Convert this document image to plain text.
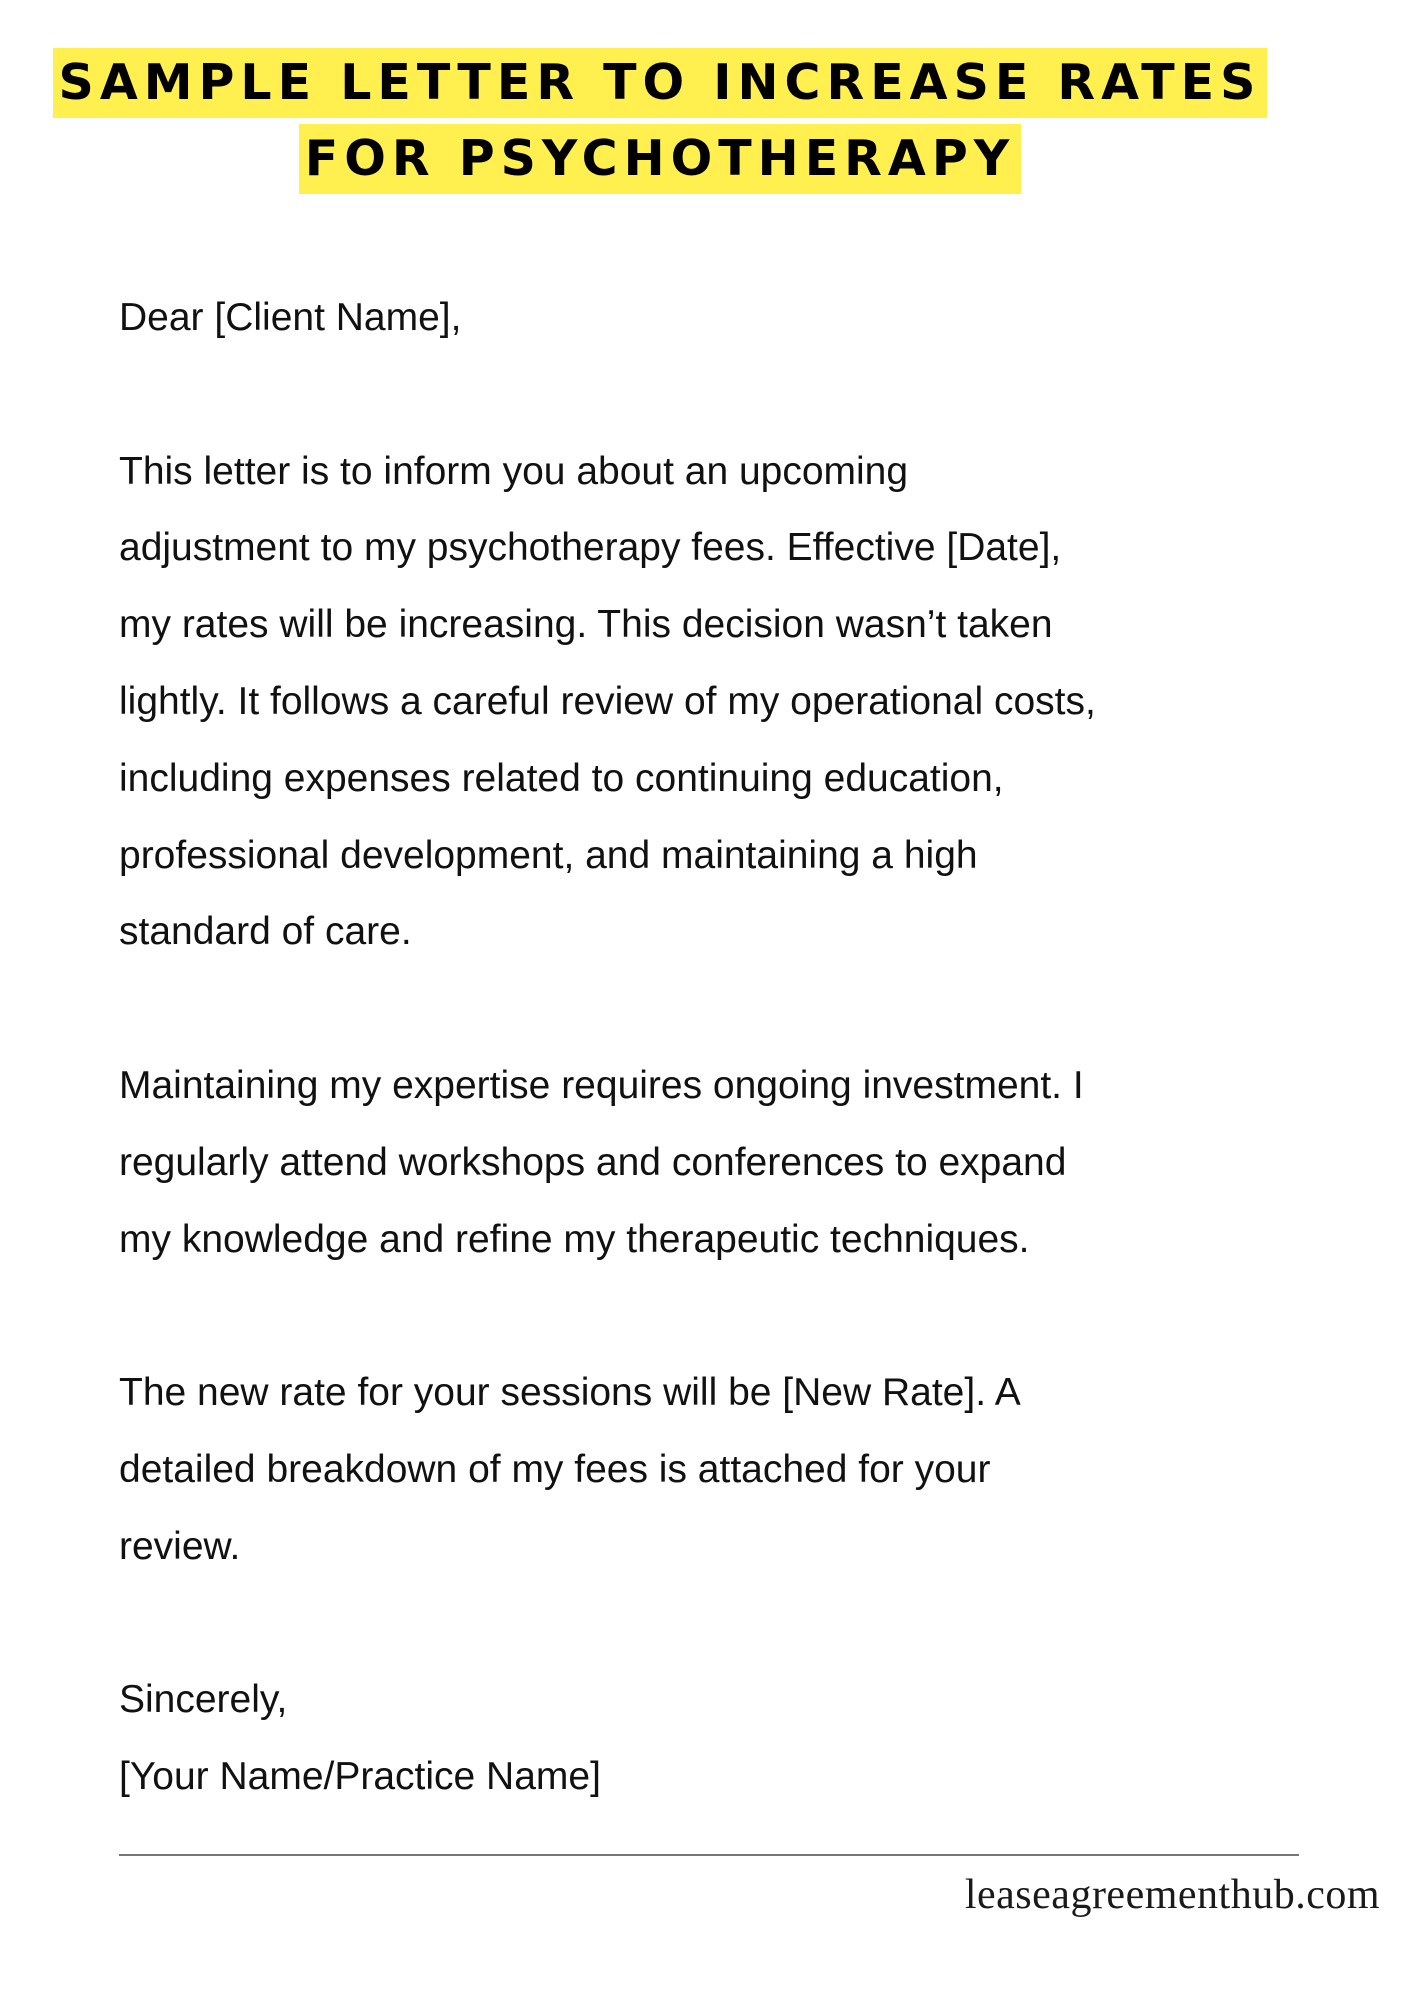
SAMPLE LETTER TO INCREASE RATES
FOR PSYCHOTHERAPY

Dear [Client Name],

This letter is to inform you about an upcoming
adjustment to my psychotherapy fees. Effective [Date],
my rates will be increasing. This decision wasn’t taken
lightly. It follows a careful review of my operational costs,
including expenses related to continuing education,
professional development, and maintaining a high
standard of care.
Maintaining my expertise requires ongoing investment. I
regularly attend workshops and conferences to expand
my knowledge and refine my therapeutic techniques.
The new rate for your sessions will be [New Rate]. A
detailed breakdown of my fees is attached for your
review.
Sincerely,
[Your Name/Practice Name]
leaseagreementhub.com
